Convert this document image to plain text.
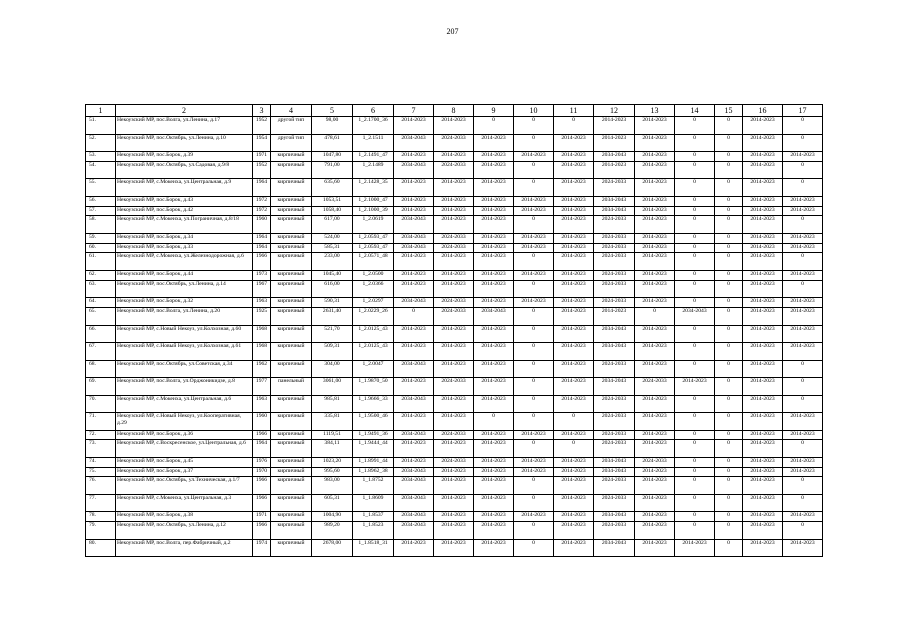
207
1	2	3	4	5	6	7	8	9	10	11	12	13	14	15	16	17
51.	Некоузский МР, пос.Волга, ул.Ленина, д.17	1952	другой тип	98,00	1_2.1700_36	2014-2023	2014-2023	0	0	0	2014-2023	2014-2023	0	0	2014-2023	0
52.	Некоузский МР, пос.Октябрь, ул.Ленина, д.10	1954	другой тип	478,61	1_2.1511	2034-2043	2024-2033	2014-2023	0	2014-2023	2014-2023	2014-2023	0	0	2014-2023	0
53.	Некоузский МР, пос.Борок, д.39	1971	кирпичный	1047,80	1_2.1491_47	2014-2023	2014-2023	2014-2023	2014-2023	2014-2023	2034-2043	2014-2023	0	0	2014-2023	2014-2023
54.	Некоузский МР, пос.Октябрь, ул.Садовая, д.9/8	1952	кирпичный	791,00	1_2.1489	2034-2043	2024-2033	2014-2023	0	2014-2023	2014-2023	2014-2023	0	0	2014-2023	0
55.	Некоузский МР, с.Мокеиха, ул.Центральная, д.9	1964	кирпичный	635,60	1_2.1428_35	2014-2023	2014-2023	2014-2023	0	2014-2023	2024-2033	2014-2023	0	0	2014-2023	0
56.	Некоузский МР, пос.Борок, д.43	1972	кирпичный	1053,51	1_2.1000_47	2014-2023	2014-2023	2014-2023	2014-2023	2014-2023	2034-2043	2014-2023	0	0	2014-2023	2014-2023
57.	Некоузский МР, пос.Борок, д.42	1972	кирпичный	1058,40	1_2.1000_39	2014-2023	2014-2023	2014-2023	2014-2023	2014-2023	2034-2043	2014-2023	0	0	2014-2023	2014-2023
58.	Некоузский МР, с.Мокеиха, ул.Пограничная, д.8/18	1960	кирпичный	617,00	1_2.0619	2034-2043	2014-2023	2014-2023	0	2014-2023	2024-2033	2014-2023	0	0	2014-2023	0
59.	Некоузский МР, пос.Борок, д.34	1964	кирпичный	524,00	1_2.0593_47	2034-2043	2024-2033	2014-2023	2014-2023	2014-2023	2024-2033	2014-2023	0	0	2014-2023	2014-2023
60.	Некоузский МР, пос.Борок, д.33	1964	кирпичный	585,31	1_2.0593_47	2034-2043	2024-2033	2014-2023	2014-2023	2014-2023	2024-2033	2014-2023	0	0	2014-2023	2014-2023
61.	Некоузский МР, с.Мокеиха, ул.Железнодорожная, д.6	1966	кирпичный	233,00	1_2.0571_48	2014-2023	2014-2023	2014-2023	0	2014-2023	2024-2033	2014-2023	0	0	2014-2023	0
62.	Некоузский МР, пос.Борок, д.44	1973	кирпичный	1045,40	1_2.0500	2014-2023	2014-2023	2014-2023	2014-2023	2014-2023	2024-2033	2014-2023	0	0	2014-2023	2014-2023
63.	Некоузский МР, пос.Октябрь, ул.Ленина, д.14	1967	кирпичный	616,00	1_2.0366	2014-2023	2014-2023	2014-2023	0	2014-2023	2024-2033	2014-2023	0	0	2014-2023	0
64.	Некоузский МР, пос.Борок, д.32	1963	кирпичный	590,31	1_2.0297	2034-2043	2024-2033	2014-2023	2014-2023	2014-2023	2024-2033	2014-2023	0	0	2014-2023	2014-2023
65.	Некоузский МР, пос.Волга, ул.Ленина, д.20	1925	кирпичный	2631,40	1_2.0229_26	0	2024-2033	2034-2043	0	2014-2023	2014-2023	0	2034-2043	0	2014-2023	2014-2023
66.	Некоузский МР, с.Новый Некоуз, ул.Колхозная, д.60	1968	кирпичный	521,70	1_2.0125_43	2014-2023	2014-2023	2014-2023	0	2014-2023	2034-2043	2014-2023	0	0	2014-2023	2014-2023
67.	Некоузский МР, с.Новый Некоуз, ул.Колхозная, д.61	1968	кирпичный	509,31	1_2.0125_43	2014-2023	2014-2023	2014-2023	0	2014-2023	2034-2043	2014-2023	0	0	2014-2023	2014-2023
68.	Некоузский МР, пос.Октябрь, ул.Советская, д.34	1962	кирпичный	304,00	1_2.0047	2034-2043	2014-2023	2014-2023	0	2014-2023	2024-2033	2014-2023	0	0	2014-2023	0
69.	Некоузский МР, пос.Волга, ул.Орджоникидзе, д.8	1977	панельный	3061,00	1_1.9870_50	2014-2023	2024-2033	2014-2023	0	2014-2023	2034-2043	2024-2033	2014-2023	0	2014-2023	0
70.	Некоузский МР, с.Мокеиха, ул.Центральная, д.6	1963	кирпичный	985,81	1_1.9666_33	2034-2043	2014-2023	2014-2023	0	2014-2023	2024-2033	2014-2023	0	0	2014-2023	0
71.	Некоузский МР, с.Новый Некоуз, ул.Кооперативная, д.29	1960	кирпичный	335,81	1_1.9500_46	2014-2023	2014-2023	0	0	0	2024-2033	2014-2023	0	0	2014-2023	2014-2023
72.	Некоузский МР, пос.Борок, д.36	1966	кирпичный	1119,51	1_1.9491_36	2034-2043	2024-2033	2014-2023	2014-2023	2014-2023	2024-2033	2014-2023	0	0	2014-2023	2014-2023
73.	Некоузский МР, с.Воскресенское, ул.Центральная, д.6	1964	кирпичный	384,11	1_1.9444_44	2014-2023	2014-2023	2014-2023	0	0	2024-2033	2014-2023	0	0	2014-2023	0
74.	Некоузский МР, пос.Борок, д.45	1976	кирпичный	1023,20	1_1.8991_44	2014-2023	2024-2033	2014-2023	2014-2023	2014-2023	2034-2043	2024-2033	0	0	2014-2023	2014-2023
75.	Некоузский МР, пос.Борок, д.37	1970	кирпичный	995,60	1_1.8962_38	2034-2043	2014-2023	2014-2023	2014-2023	2014-2023	2034-2043	2014-2023	0	0	2014-2023	2014-2023
76.	Некоузский МР, пос.Октябрь, ул.Техническая, д.1/7	1966	кирпичный	983,00	1_1.8752	2034-2043	2014-2023	2014-2023	0	2014-2023	2024-2033	2014-2023	0	0	2014-2023	0
77.	Некоузский МР, с.Мокеиха, ул.Центральная, д.3	1966	кирпичный	605,31	1_1.8609	2034-2043	2014-2023	2014-2023	0	2014-2023	2024-2033	2014-2023	0	0	2014-2023	0
78.	Некоузский МР, пос.Борок, д.38	1971	кирпичный	1004,90	1_1.8537	2034-2043	2014-2023	2014-2023	2014-2023	2014-2023	2034-2043	2014-2023	0	0	2014-2023	2014-2023
79.	Некоузский МР, пос.Октябрь, ул.Ленина, д.12	1966	кирпичный	989,20	1_1.8523	2034-2043	2014-2023	2014-2023	0	2014-2023	2024-2033	2014-2023	0	0	2014-2023	0
80.	Некоузский МР, пос.Волга, пер.Фабричный, д.2	1974	кирпичный	2678,00	1_1.8518_31	2014-2023	2014-2023	2014-2023	0	2014-2023	2034-2043	2014-2023	2014-2023	0	2014-2023	2014-2023
